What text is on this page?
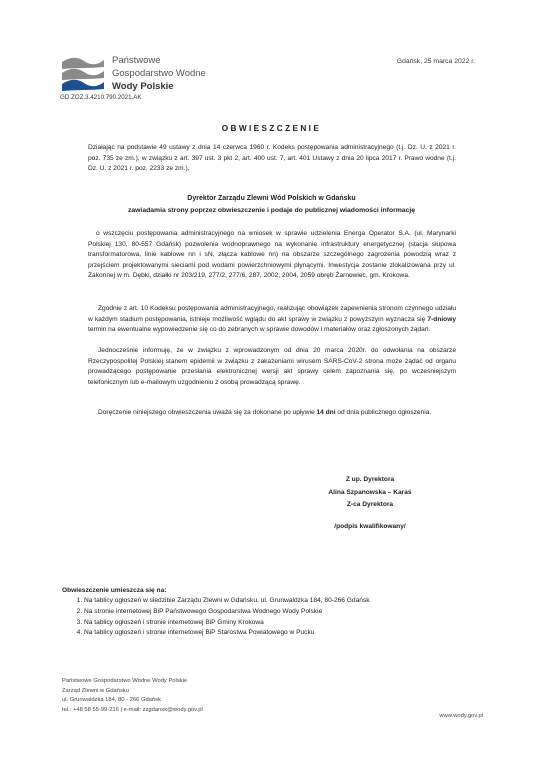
Państwowe
Gospodarstwo Wodne
Wody Polskie
GD.ZOZ.3.4210.790.2021.AK
Gdańsk, 25 marca 2022 r.
OBWIESZCZENIE
Działając na podstawie 49 ustawy z dnia 14 czerwca 1960 r. Kodeks postępowania administracyjnego (t.j. Dz. U. z 2021 r. poz. 735 ze zm.), w związku z art. 397 ust. 3 pkt 2, art. 400 ust. 7, art. 401 Ustawy z dnia 20 lipca 2017 r. Prawo wodne (t.j. Dz. U. z 2021 r. poz. 2233 ze zm.),
Dyrektor Zarządu Zlewni Wód Polskich w Gdańsku
zawiadamia strony poprzez obwieszczenie i podaje do publicznej wiadomości informację
o wszczęciu postępowania administracyjnego na wniosek w sprawie udzielenia Energa Operator S.A. (ul. Marynarki Polskiej 130, 80-557 Gdańsk) pozwolenia wodnoprawnego na wykonanie infrastruktury energetycznej (stacja słupowa transformatorowa, linie kablowe nn i sN, złącza kablowe nn) na obszarze szczególnego zagrożenia powodzią wraz z przejściem projektowanymi sieciami pod wodami powierzchniowymi płynącymi. Inwestycja zostanie zlokalizowana przy ul. Zakonnej w m. Dębki, działki nr 203/219, 277/2, 277/6, 287, 2002, 2004, 2059 obręb Żarnowiec, gm. Krokowa.
Zgodnie z art. 10 Kodeksu postępowania administracyjnego, realizując obowiązek zapewnienia stronom czynnego udziału w każdym stadium postępowania, istnieje możliwość wglądu do akt sprawy w związku z powyższym wyznacza się 7-dniowy termin na ewentualne wypowiedzenie się co do zebranych w sprawie dowodów i materiałów oraz zgłoszonych żądań.
Jednocześnie informuję, że w związku z wprowadzonym od dnia 20 marca 2020r. do odwołania na obszarze Rzeczypospolitej Polskiej stanem epidemii w związku z zakażeniami wirusem SARS-CoV-2 strona może żądać od organu prowadzącego postępowanie przesłania elektronicznej wersji akt sprawy celem zapoznania się, po wcześniejszym telefonicznym lub e-mailowym uzgodnieniu z osobą prowadzącą sprawę.
Doręczenie niniejszego obwieszczenia uważa się za dokonane po upływie 14 dni od dnia publicznego ogłoszenia.
Z up. Dyrektora
Alina Szpanowska – Karaś
Z-ca Dyrektora
/podpis kwalifikowany/
Obwieszczenie umieszcza się na:
1. Na tablicy ogłoszeń w siedzibie Zarządu Zlewni w Gdańsku, ul. Grunwaldzka 184, 80-266 Gdańsk
2. Na stronie internetowej BiP Państwowego Gospodarstwa Wodnego Wody Polskie
3. Na tablicy ogłoszeń i stronie internetowej BiP Gminy Krokowa
4. Na tablicy ogłoszeń i stronie internetowej BiP Starostwa Powiatowego w Pucku
Państwowe Gospodarstwo Wodne Wody Polskie
Zarząd Zlewni w Gdańsku
ul. Grunwaldzka 184, 80 - 266 Gdańsk
tel.: +48 58 55-99-216 | e-mail: zzgdansk@wody.gov.pl
www.wody.gov.pl
